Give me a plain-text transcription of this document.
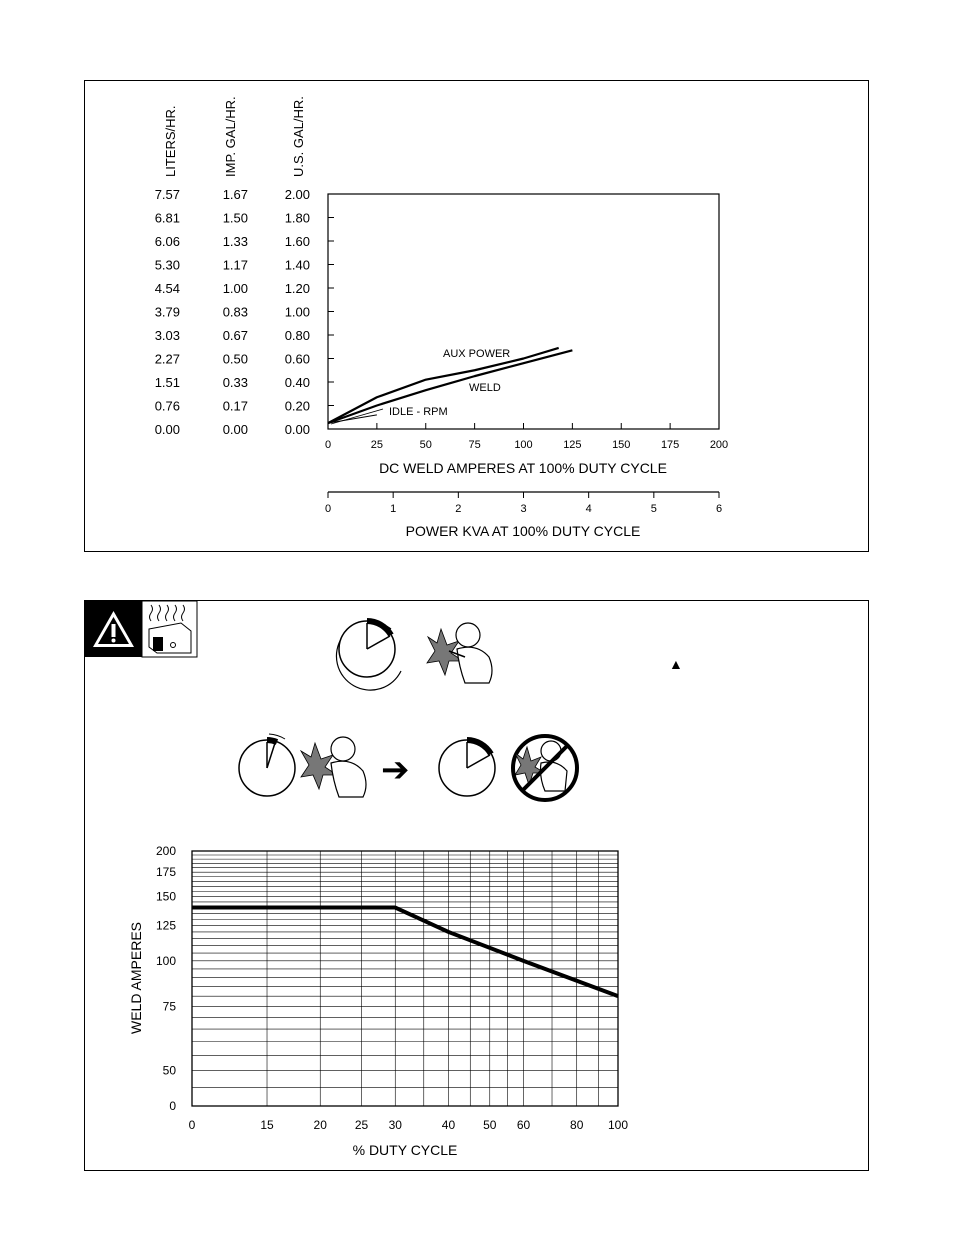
LITERS/HR.	IMP. GAL/HR.	U.S. GAL/HR.
7.57	1.67	2.00
6.81	1.50	1.80
6.06	1.33	1.60
5.30	1.17	1.40
4.54	1.00	1.20
3.79	0.83	1.00
3.03	0.67	0.80
2.27	0.50	0.60
1.51	0.33	0.40
0.76	0.17	0.20
0.00	0.00	0.00
0	25	50	75	100	125	150	175	200
AUX POWER
WELD
IDLE - RPM
DC WELD AMPERES AT 100% DUTY CYCLE
0	1	2	3	4	5	6
POWER KVA AT 100% DUTY CYCLE
▲
➔
200
175
150
125
100
75
50
0
0	15	20 25 30	40 50 60	80 100
WELD AMPERES
% DUTY CYCLE
